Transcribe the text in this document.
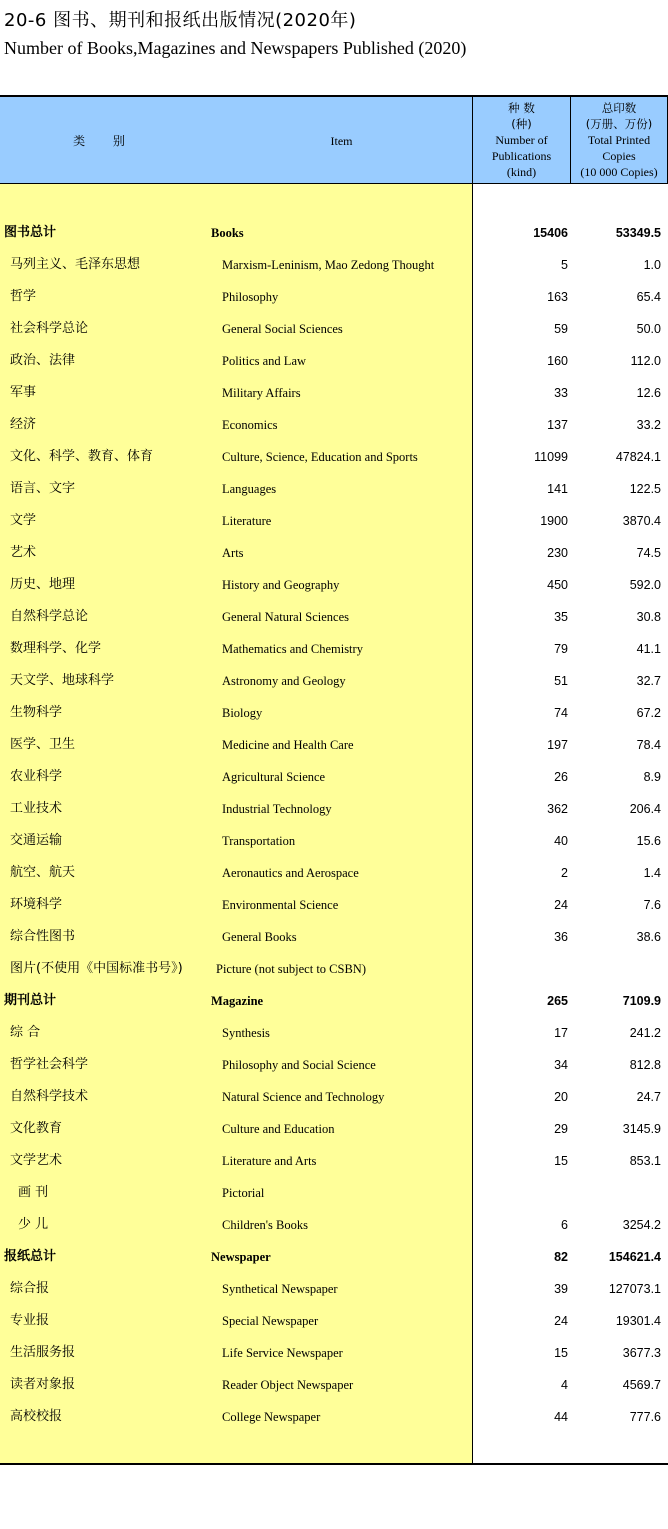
20-6 图书、期刊和报纸出版情况(2020年)
Number of Books,Magazines and Newspapers Published (2020)
类 别	Item
种 数
(种)
Number of
Publications
(kind)
总印数
(万册、万份)
Total Printed
Copies
(10 000 Copies)
图书总计	Books	15406	53349.5
马列主义、毛泽东思想	Marxism-Leninism, Mao Zedong Thought	5	1.0
哲学	Philosophy	163	65.4
社会科学总论	General Social Sciences	59	50.0
政治、法律	Politics and Law	160	112.0
军事	Military Affairs	33	12.6
经济	Economics	137	33.2
文化、科学、教育、体育	Culture, Science, Education and Sports	11099	47824.1
语言、文字	Languages	141	122.5
文学	Literature	1900	3870.4
艺术	Arts	230	74.5
历史、地理	History and Geography	450	592.0
自然科学总论	General Natural Sciences	35	30.8
数理科学、化学	Mathematics and Chemistry	79	41.1
天文学、地球科学	Astronomy and Geology	51	32.7
生物科学	Biology	74	67.2
医学、卫生	Medicine and Health Care	197	78.4
农业科学	Agricultural Science	26	8.9
工业技术	Industrial Technology	362	206.4
交通运输	Transportation	40	15.6
航空、航天	Aeronautics and Aerospace	2	1.4
环境科学	Environmental Science	24	7.6
综合性图书	General Books	36	38.6
图片(不使用《中国标准书号》)	Picture (not subject to CSBN)
期刊总计	Magazine	265	7109.9
综 合	Synthesis	17	241.2
哲学社会科学	Philosophy and Social Science	34	812.8
自然科学技术	Natural Science and Technology	20	24.7
文化教育	Culture and Education	29	3145.9
文学艺术	Literature and Arts	15	853.1
画 刊	Pictorial
少 儿	Children's Books	6	3254.2
报纸总计	Newspaper	82	154621.4
综合报	Synthetical Newspaper	39	127073.1
专业报	Special Newspaper	24	19301.4
生活服务报	Life Service Newspaper	15	3677.3
读者对象报	Reader Object Newspaper	4	4569.7
高校校报	College Newspaper	44	777.6
